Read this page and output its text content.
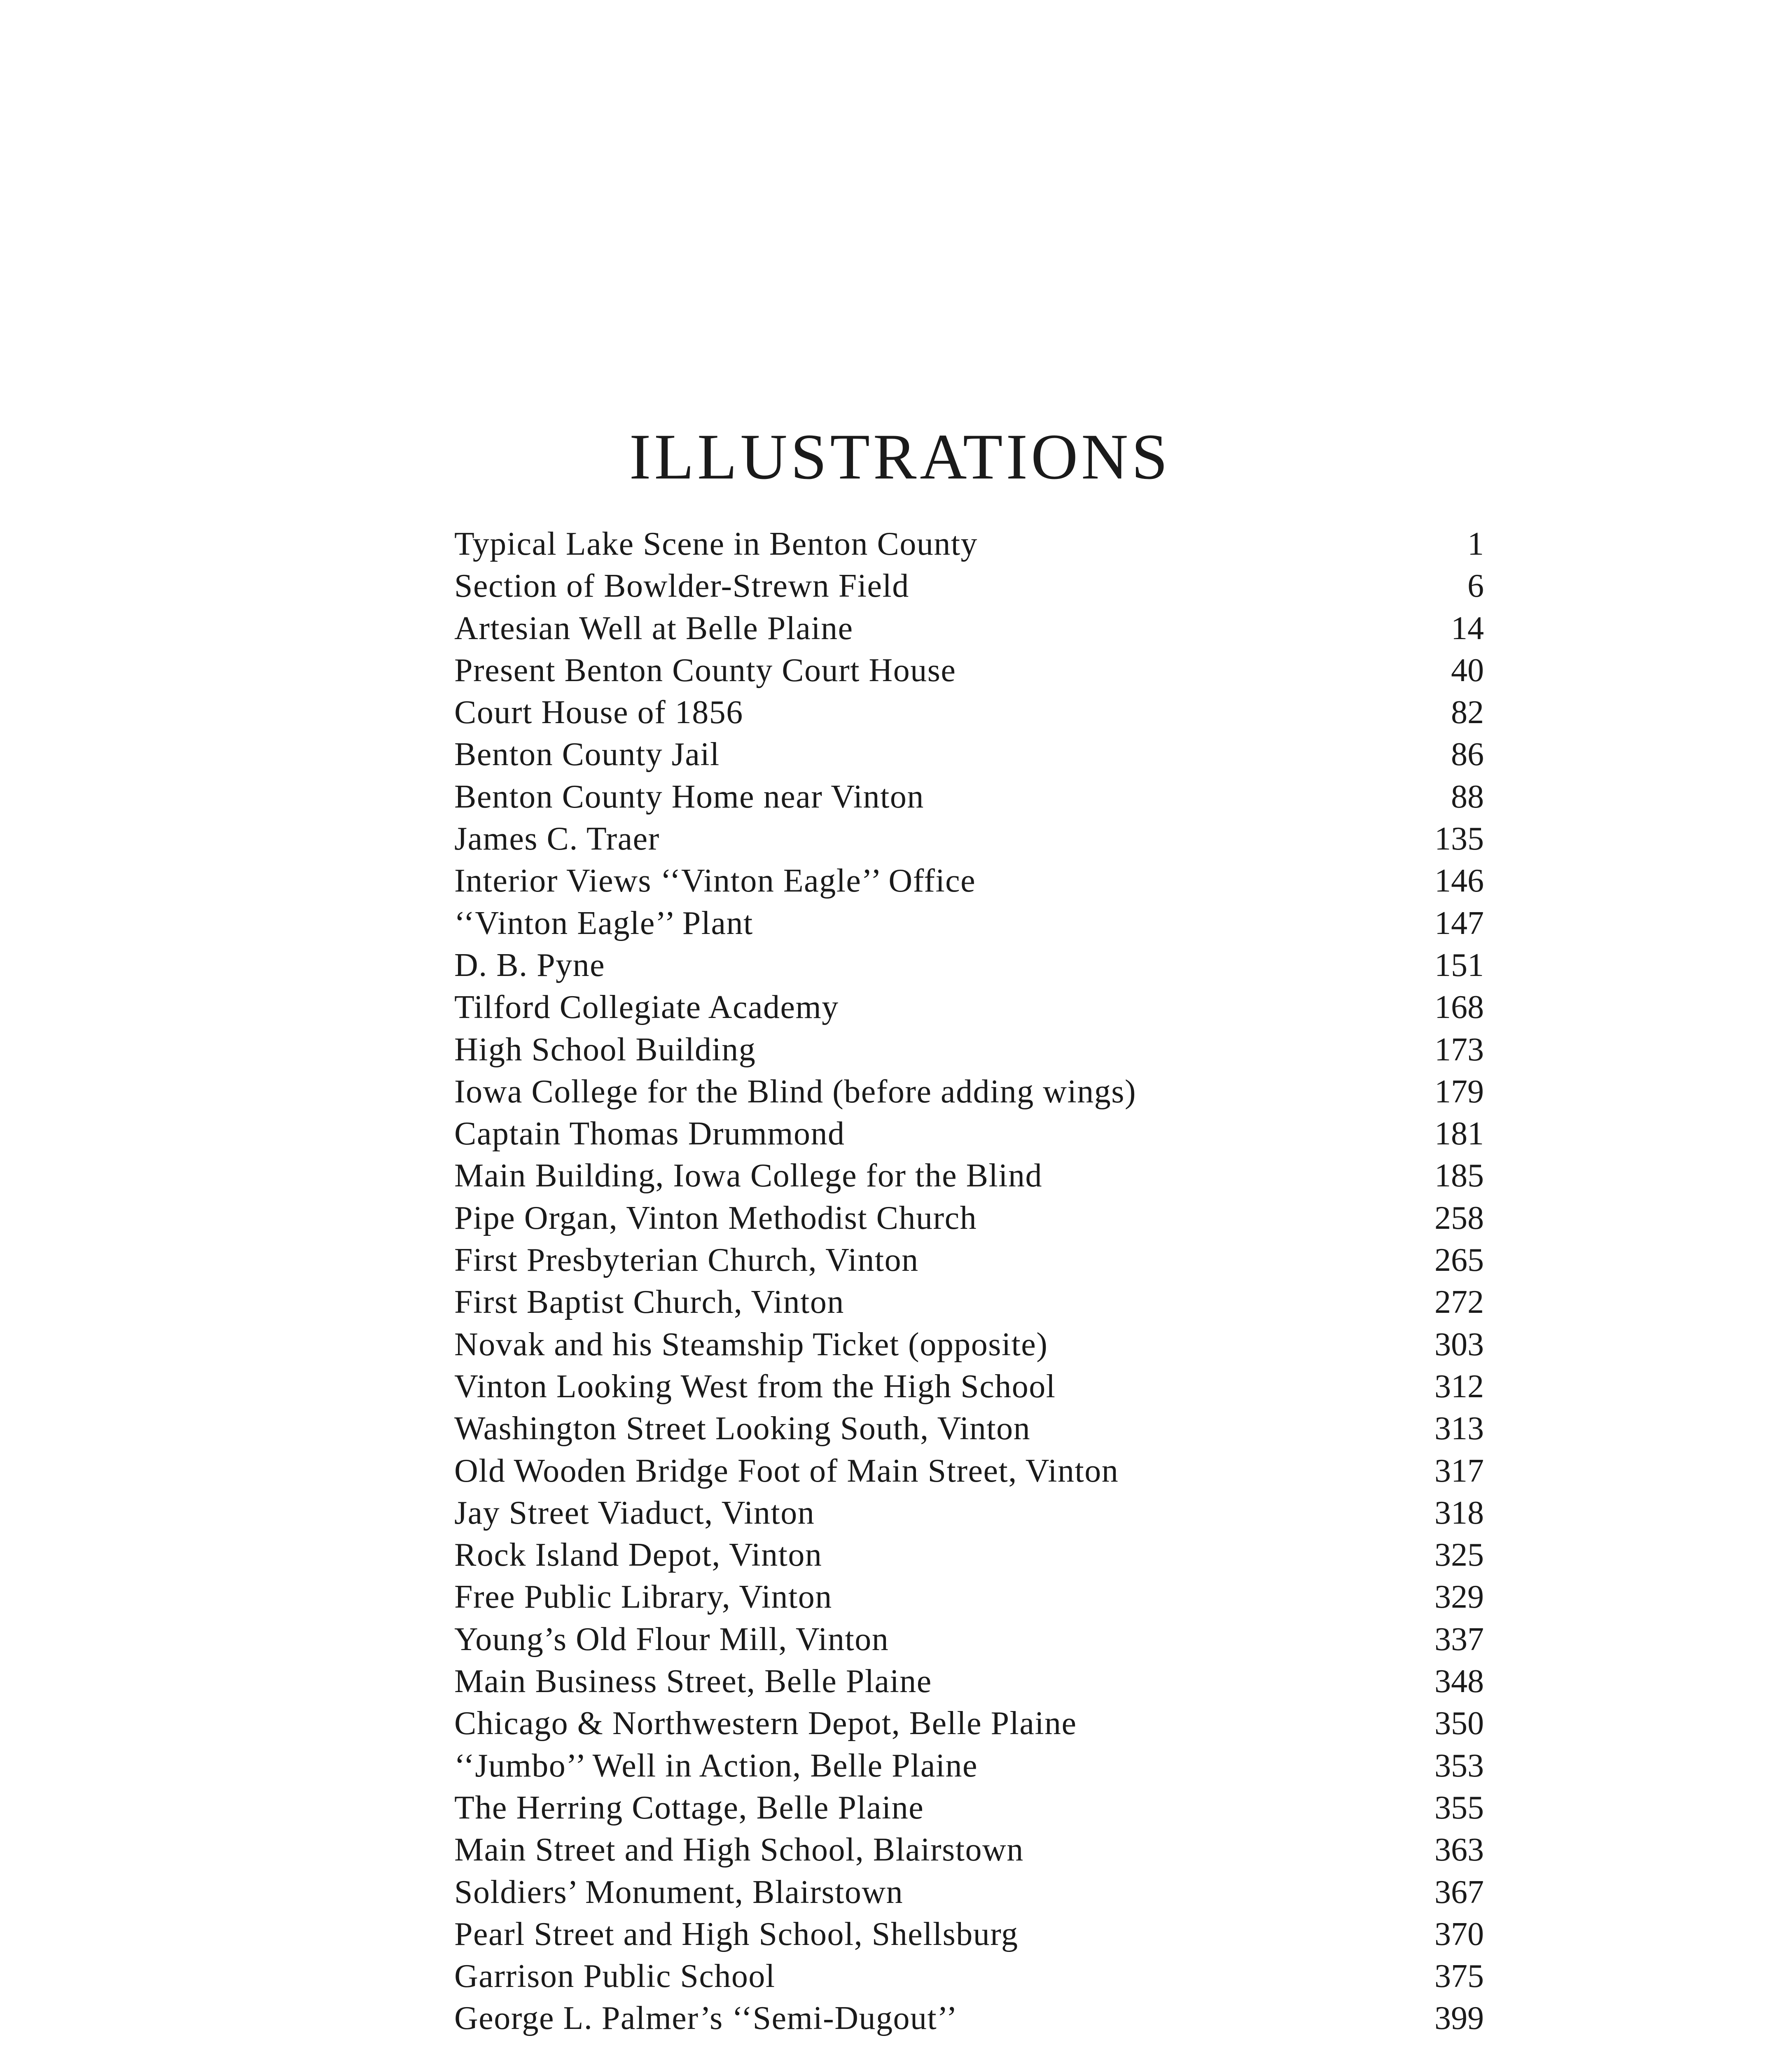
ILLUSTRATIONS
Typical Lake Scene in Benton County	1
Section of Bowlder-Strewn Field	6
Artesian Well at Belle Plaine	14
Present Benton County Court House	40
Court House of 1856	82
Benton County Jail	86
Benton County Home near Vinton	88
James C. Traer	135
Interior Views ‘‘Vinton Eagle’’ Office	146
‘‘Vinton Eagle’’ Plant	147
D. B. Pyne	151
Tilford Collegiate Academy	168
High School Building	173
Iowa College for the Blind (before adding wings)	179
Captain Thomas Drummond	181
Main Building, Iowa College for the Blind	185
Pipe Organ, Vinton Methodist Church	258
First Presbyterian Church, Vinton	265
First Baptist Church, Vinton	272
Novak and his Steamship Ticket (opposite)	303
Vinton Looking West from the High School	312
Washington Street Looking South, Vinton	313
Old Wooden Bridge Foot of Main Street, Vinton	317
Jay Street Viaduct, Vinton	318
Rock Island Depot, Vinton	325
Free Public Library, Vinton	329
Young’s Old Flour Mill, Vinton	337
Main Business Street, Belle Plaine	348
Chicago & Northwestern Depot, Belle Plaine	350
‘‘Jumbo’’ Well in Action, Belle Plaine	353
The Herring Cottage, Belle Plaine	355
Main Street and High School, Blairstown	363
Soldiers’ Monument, Blairstown	367
Pearl Street and High School, Shellsburg	370
Garrison Public School	375
George L. Palmer’s ‘‘Semi-Dugout’’	399
